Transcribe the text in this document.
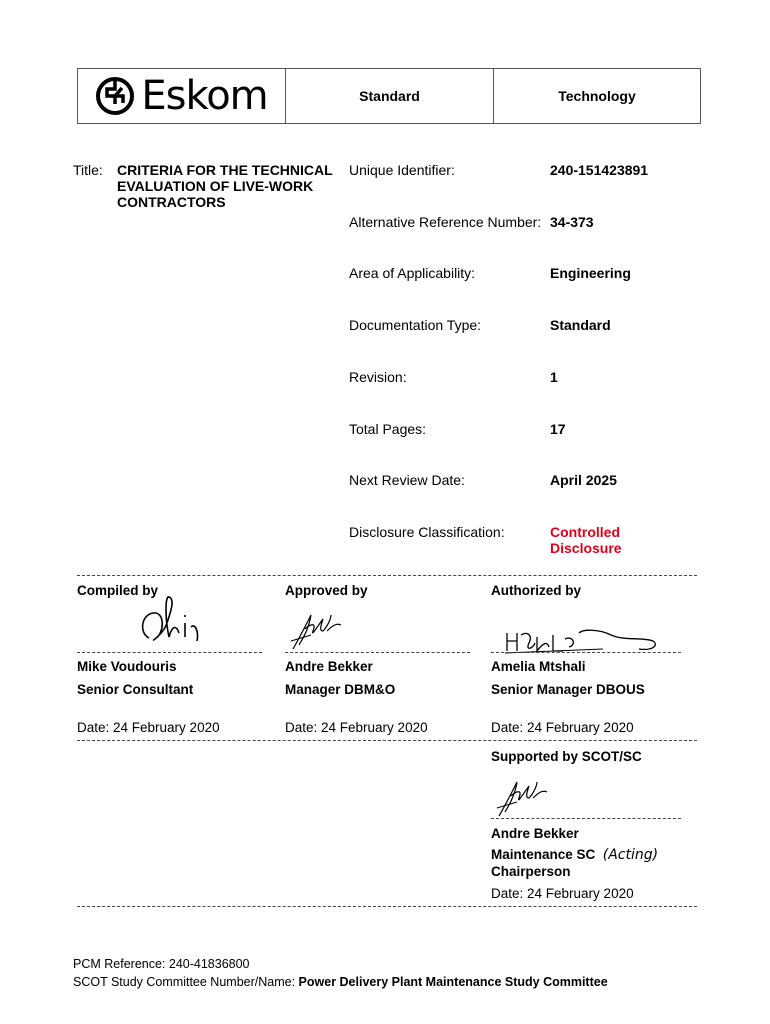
Eskom	Standard	Technology
Title: CRITERIA FOR THE TECHNICAL EVALUATION OF LIVE-WORK CONTRACTORS
Unique Identifier:	240-151423891
Alternative Reference Number: 34-373
Area of Applicability:	Engineering
Documentation Type:	Standard
Revision:	1
Total Pages:	17
Next Review Date:	April 2025
Disclosure Classification:	Controlled Disclosure
Compiled by	Approved by	Authorized by
Mike Voudouris	Andre Bekker	Amelia Mtshali
Senior Consultant	Manager DBM&O	Senior Manager DBOUS
Date: 24 February 2020	Date: 24 February 2020	Date: 24 February 2020
Supported by SCOT/SC
Andre Bekker
Maintenance SC (Acting)
Chairperson
Date: 24 February 2020
PCM Reference: 240-41836800
SCOT Study Committee Number/Name: Power Delivery Plant Maintenance Study Committee
